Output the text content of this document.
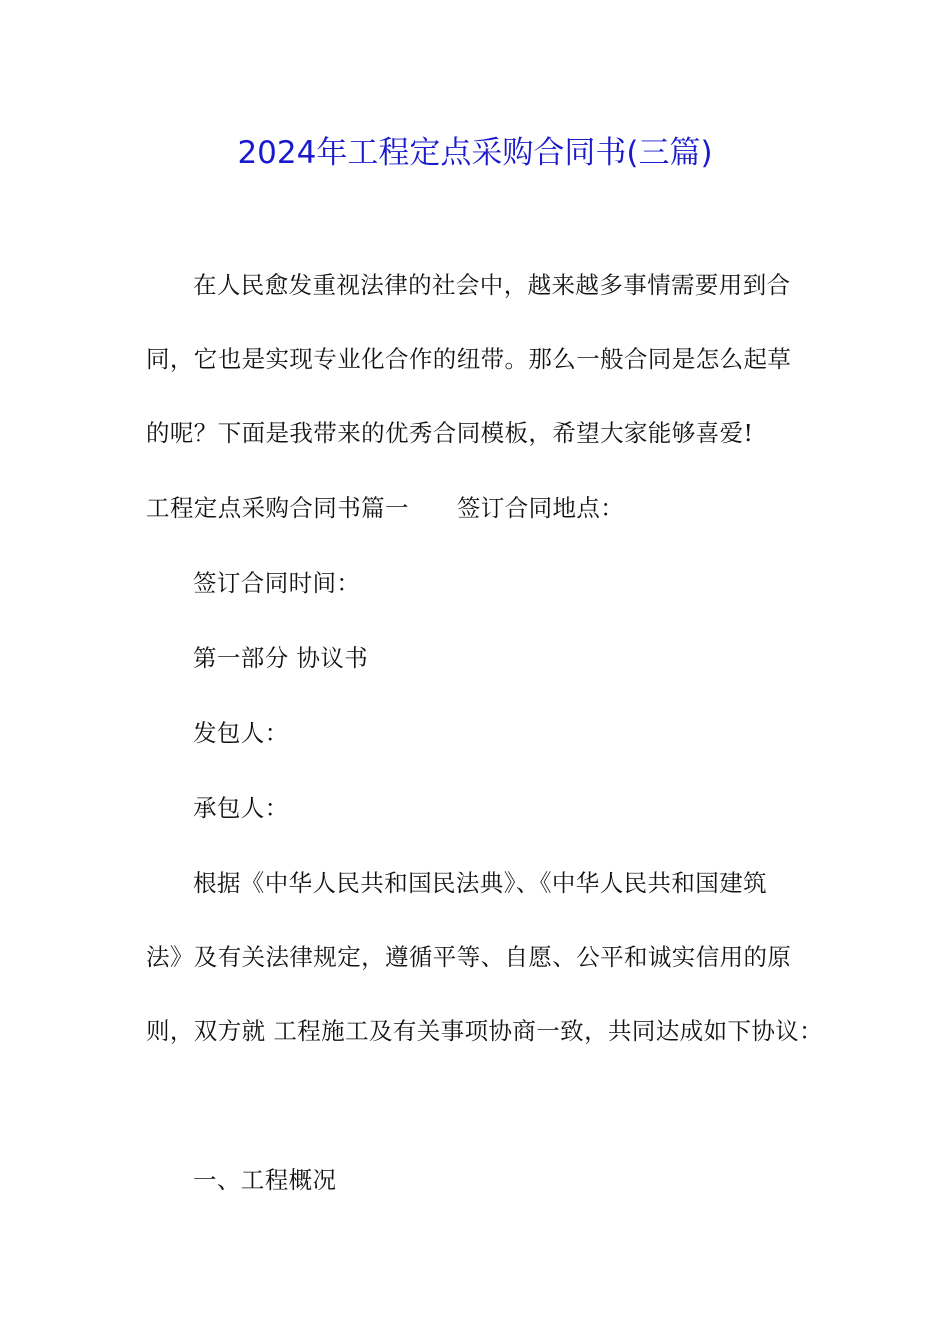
2024年工程定点采购合同书(三篇)
在人民愈发重视法律的社会中，越来越多事情需要用到合
同，它也是实现专业化合作的纽带。那么一般合同是怎么起草
的呢？下面是我带来的优秀合同模板，希望大家能够喜爱!
工程定点采购合同书篇一 签订合同地点：
签订合同时间：
第一部分 协议书
发包人：
承包人：
根据《中华人民共和国民法典》、《中华人民共和国建筑
法》及有关法律规定，遵循平等、自愿、公平和诚实信用的原
则，双方就 工程施工及有关事项协商一致，共同达成如下协议：
一、工程概况
